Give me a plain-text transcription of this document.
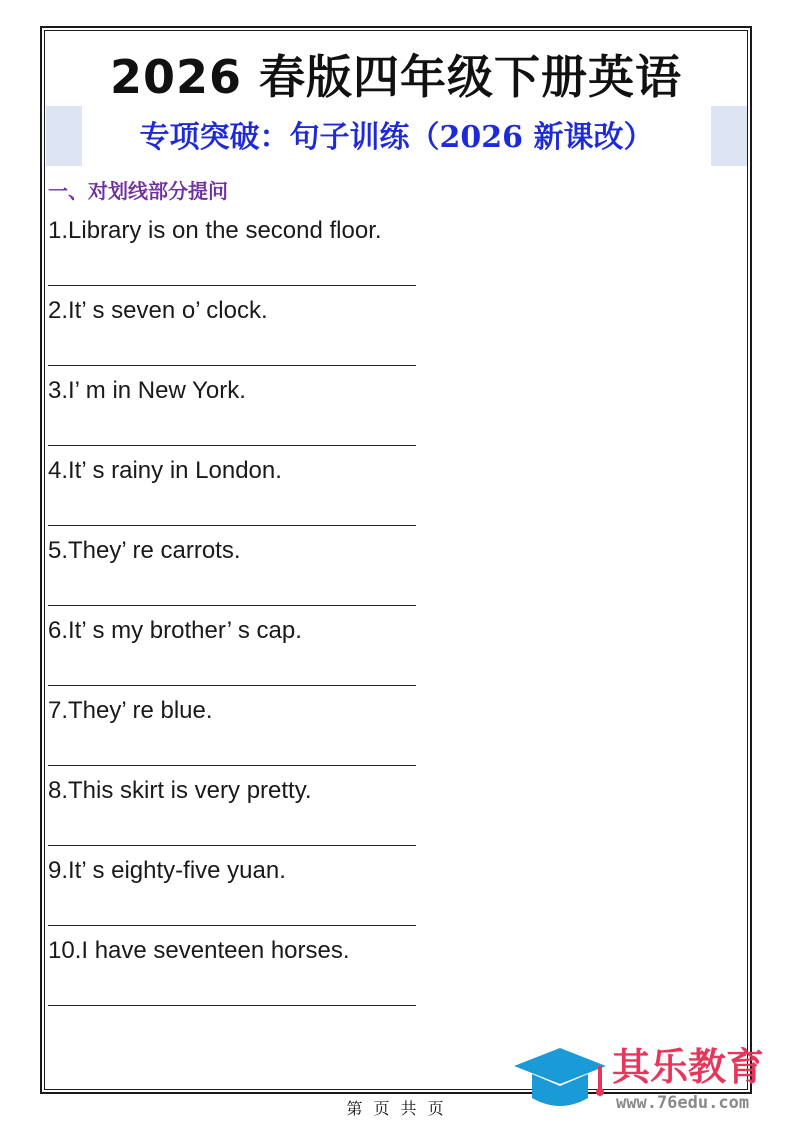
2026 春版四年级下册英语
专项突破：句子训练（2026 新课改）
一、对划线部分提问
1.Library is on the second floor.
2.It’ s seven o’ clock.
3.I’ m in New York.
4.It’ s rainy in London.
5.They’ re carrots.
6.It’ s my brother’ s cap.
7.They’ re blue.
8.This skirt is very pretty.
9.It’ s eighty-five yuan.
10.I have seventeen horses.
其乐教育
www.76edu.com
第 页 共 页
